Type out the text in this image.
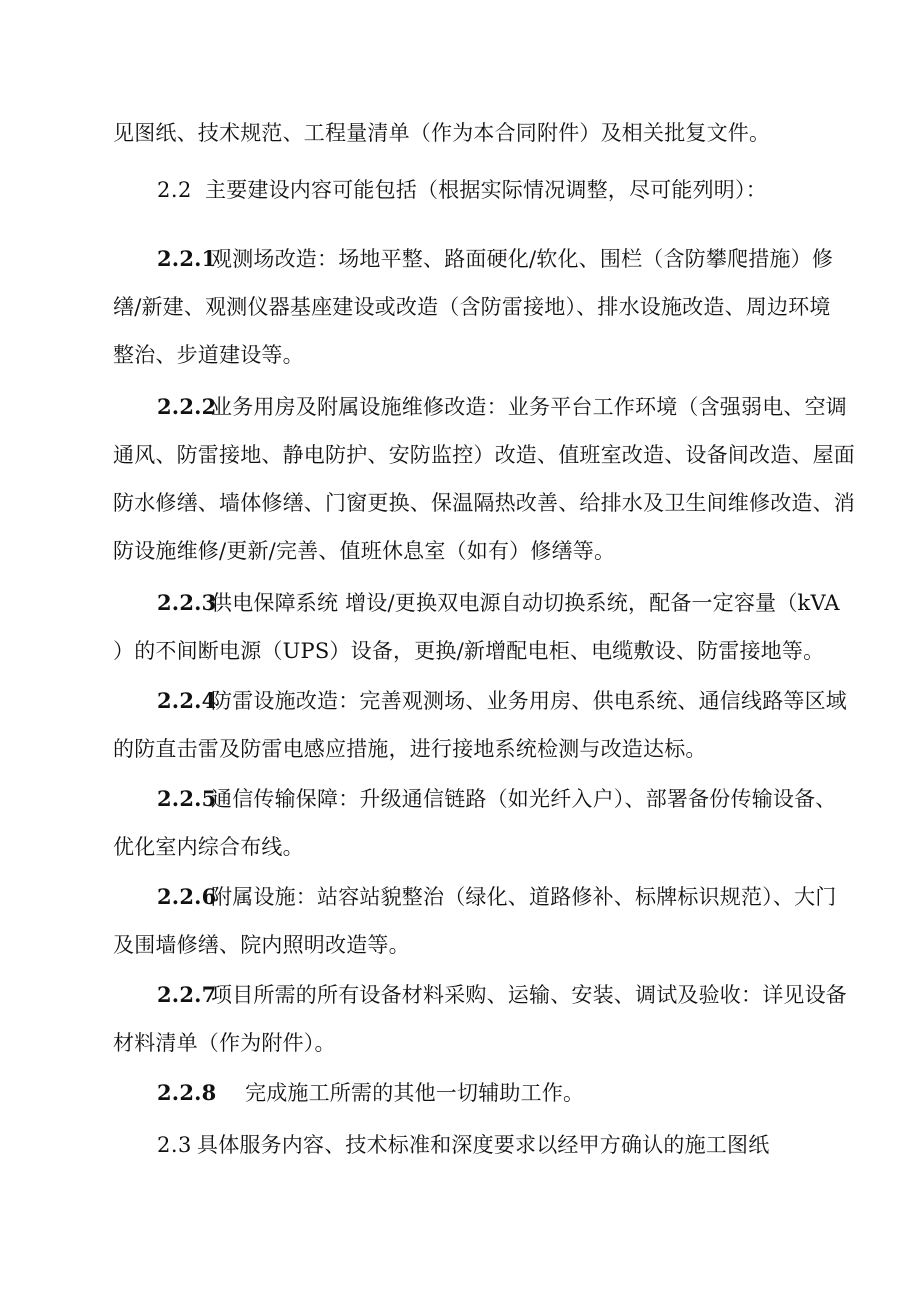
见图纸、技术规范、工程量清单（作为本合同附件）及相关批复文件。
2.2 主要建设内容可能包括（根据实际情况调整，尽可能列明）：
2.2.1观测场改造：场地平整、路面硬化/软化、围栏（含防攀爬措施）修
缮/新建、观测仪器基座建设或改造（含防雷接地）、排水设施改造、周边环境
整治、步道建设等。
2.2.2业务用房及附属设施维修改造：业务平台工作环境（含强弱电、空调
通风、防雷接地、静电防护、安防监控）改造、值班室改造、设备间改造、屋面
防水修缮、墙体修缮、门窗更换、保温隔热改善、给排水及卫生间维修改造、消
防设施维修/更新/完善、值班休息室（如有）修缮等。
2.2.3供电保障系统 增设/更换双电源自动切换系统，配备一定容量（kVA
）的不间断电源（UPS）设备，更换/新增配电柜、电缆敷设、防雷接地等。
2.2.4防雷设施改造：完善观测场、业务用房、供电系统、通信线路等区域
的防直击雷及防雷电感应措施，进行接地系统检测与改造达标。
2.2.5通信传输保障：升级通信链路（如光纤入户）、部署备份传输设备、
优化室内综合布线。
2.2.6附属设施：站容站貌整治（绿化、道路修补、标牌标识规范）、大门
及围墙修缮、院内照明改造等。
2.2.7项目所需的所有设备材料采购、运输、安装、调试及验收：详见设备
材料清单（作为附件）。
2.2.8 完成施工所需的其他一切辅助工作。
2.3 具体服务内容、技术标准和深度要求以经甲方确认的施工图纸
